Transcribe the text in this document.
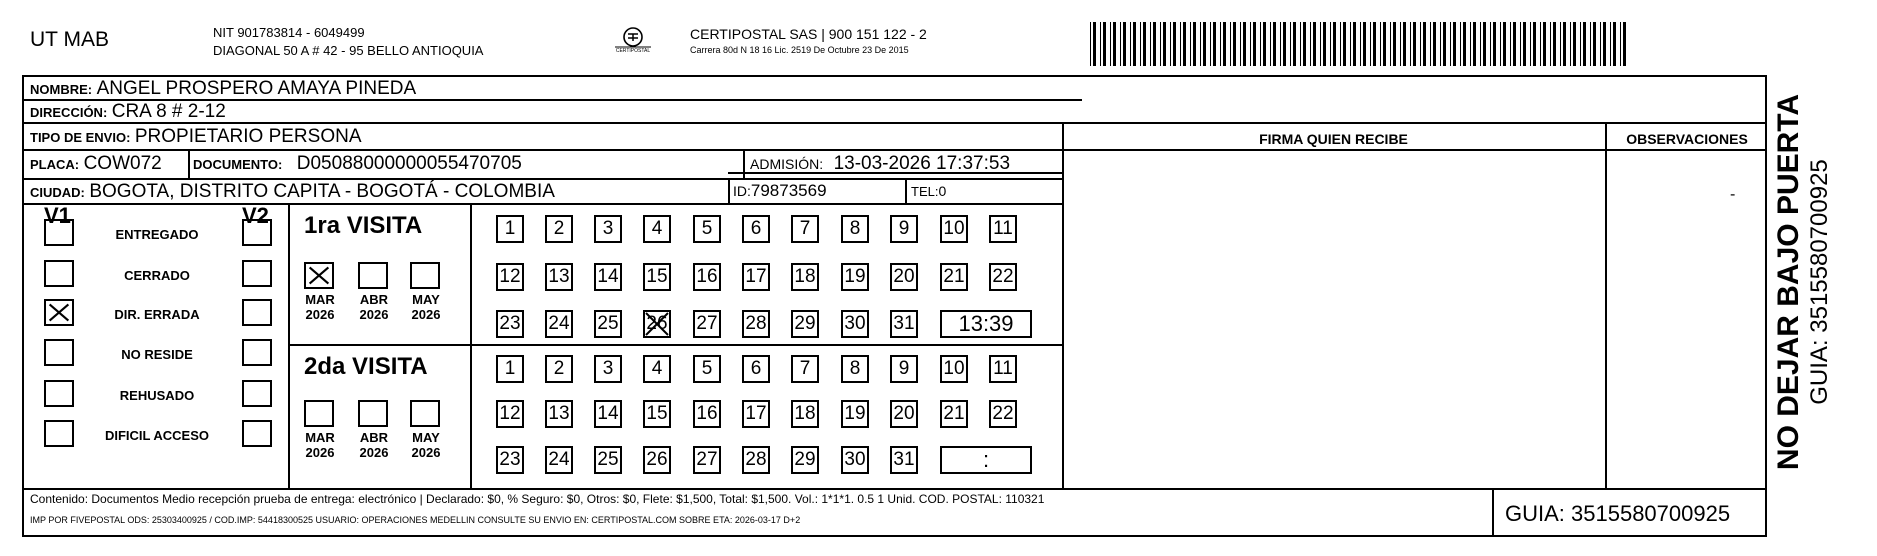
UT MAB	NIT 901783814 - 6049499
DIAGONAL 50 A # 42 - 95 BELLO ANTIOQUIA	CERTIPOSTAL
CERTIPOSTAL SAS | 900 151 122 - 2
Carrera 80d N 18 16 Lic. 2519 De Octubre 23 De 2015
NOMBRE: ANGEL PROSPERO AMAYA PINEDA
DIRECCIÓN: CRA 8 # 2-12
TIPO DE ENVIO: PROPIETARIO PERSONA	FIRMA QUIEN RECIBE	OBSERVACIONES
-
PLACA: COW072 DOCUMENTO: D05088000000055470705	ADMISIÓN: 13-03-2026 17:37:53
CIUDAD: BOGOTA, DISTRITO CAPITA - BOGOTÁ - COLOMBIA	ID:79873569	TEL:0
V1	V2
ENTREGADO
CERRADO
DIR. ERRADA
NO RESIDE
REHUSADO
DIFICIL ACCESO
1ra VISITA
MAR
2026
ABR
2026
MAY
2026
1	2	3	4	5	6	7	8	9	10 11
12 13 14 15 16 17 18 19 20 21 22
23 24 25 26 27 28 29 30 31	13:39
2da VISITA
MAR
2026
ABR
2026
MAY
2026
1	2	3	4	5	6	7	8	9	10 11
12 13 14 15 16 17 18 19 20 21 22
23 24 25 26 27 28 29 30 31	:
Contenido: Documentos Medio recepción prueba de entrega: electrónico | Declarado: $0, % Seguro: $0, Otros: $0, Flete: $1,500, Total: $1,500. Vol.: 1*1*1. 0.5 1 Unid. COD. POSTAL: 110321
IMP POR FIVEPOSTAL ODS: 25303400925 / COD.IMP: 54418300525 USUARIO: OPERACIONES MEDELLIN CONSULTE SU ENVIO EN: CERTIPOSTAL.COM SOBRE ETA: 2026-03-17 D+2	GUIA: 3515580700925
NO DEJAR BAJO PUERTA GUIA: 3515580700925
